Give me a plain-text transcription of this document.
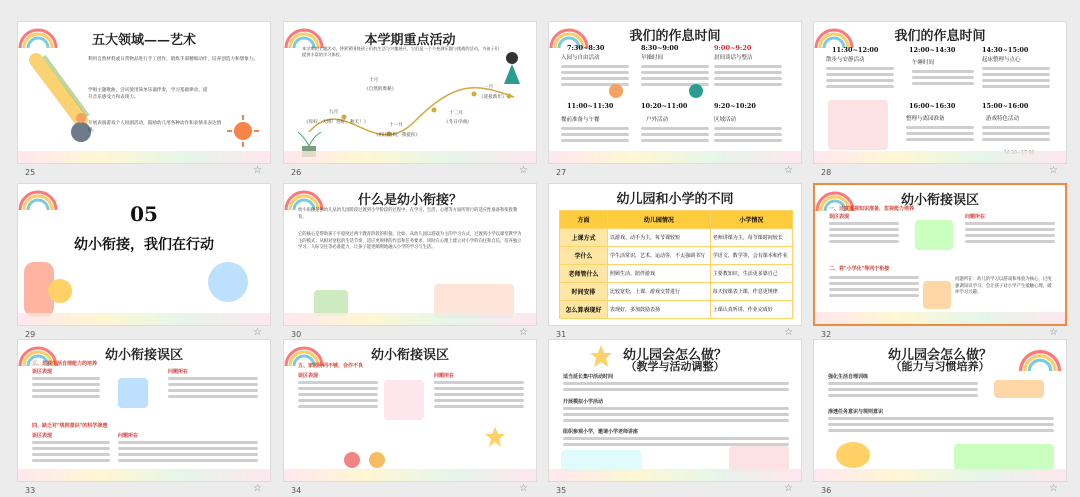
五大领域——艺术
利用自然材料或日常物品进行手工创作，锻炼手部精细动作，培养创造力和想象力。
学唱主题歌曲，尝试使用简单乐器伴奏，学习基础律动、提升音乐感受力和表现力。
开展表演游戏个人短剧活动，鼓励幼儿用各种动作和表情来表达情感。
25	☆
本学期重点活动
本学期的主题活动，将紧紧围绕孩子们的生活与兴趣展开，它们是一个个充满乐趣与挑战的活动，为孩子们提供丰富的学习体验。
九月
十月
十一月
十二月
一月
《你好，大班！你好，秋天！》
《自然的奥秘》
《祖国妈妈，我爱你》
《冬日序曲》
《迎接新年》
26	☆
我们的作息时间
7:30~8:30
入园与自由活动
8:30~9:00
早操时间
9:00~9:20
晨间谈话与整洁
11:00~11:30
餐前准备与午餐
10:20~11:00
户外活动
9:20~10:20
区域活动
27	☆
我们的作息时间
11:30~12:00
散步与安静活动
12:00~14:30
午睡时间
14:30~15:00
起床整理与点心
16:00~16:30
整理与离园准备
15:00~16:00
游戏特色活动
28	☆
05
幼小衔接，我们在行动
29	☆
什么是幼小衔接？
幼小衔接是指幼儿从幼儿园阶段过渡到小学阶段的过程中，在学习、生活、心理等方面所进行的适应性准备和衔接教育。
它的核心是帮助孩子平稳度过两个教育阶段的衔接。比如，从幼儿园以游戏为主的学习方式，过渡到小学以课堂教学为主的模式；从相对宽松的生活节奏，适应更规律的作息和任务要求，同时在心理上建立对小学的向往和自信，培养独立学习、人际交往等必备能力，让孩子能更顺利地融入小学的学习与生活。
30	☆
幼儿园和小学的不同
方面	幼儿园情况	小学情况
上课方式	以游戏、动手为主，每节课较短	老师讲课为主，每节课时间较长
学什么	学生活常识、艺术、运动等，不太强调书写	学语文、数学等，会有课本和作业
老师管什么	照顾生活、陪伴游戏	主要教知识，生活更多靠自己
时间安排	比较宽松，上课、游戏交替进行	每天按课表上课，作息更规律
怎么算表现好	表现好，多加鼓励表扬	上课认真听讲、作业完成好
31	☆
幼小衔接误区
一、过度重视知识准备，忽视能力培养
误区表现	问题所在
二、将"小学化"等同于衔接
问题所在：幼儿的学习以游戏和体验为核心，过度强调知识学习，会让孩子对小学产生抵触心理，破坏学习兴趣。
32	☆
幼小衔接误区
三、忽视生活自理能力的培养
误区表现	问题所在
四、缺乏对"规则意识"的科学渗透
误区表现	问题所在
33	☆
幼小衔接误区
五、家园协同不够，合作不良
误区表现	问题所在
34	☆
幼儿园会怎么做？
（教学与活动调整）
适当延长集中活动时间
开展模拟小学活动
组织参观小学，邀请小学老师讲座
35	☆
幼儿园会怎么做？
（能力与习惯培养）
强化生活自理训练
渗透任务意识与规则意识
36	☆
